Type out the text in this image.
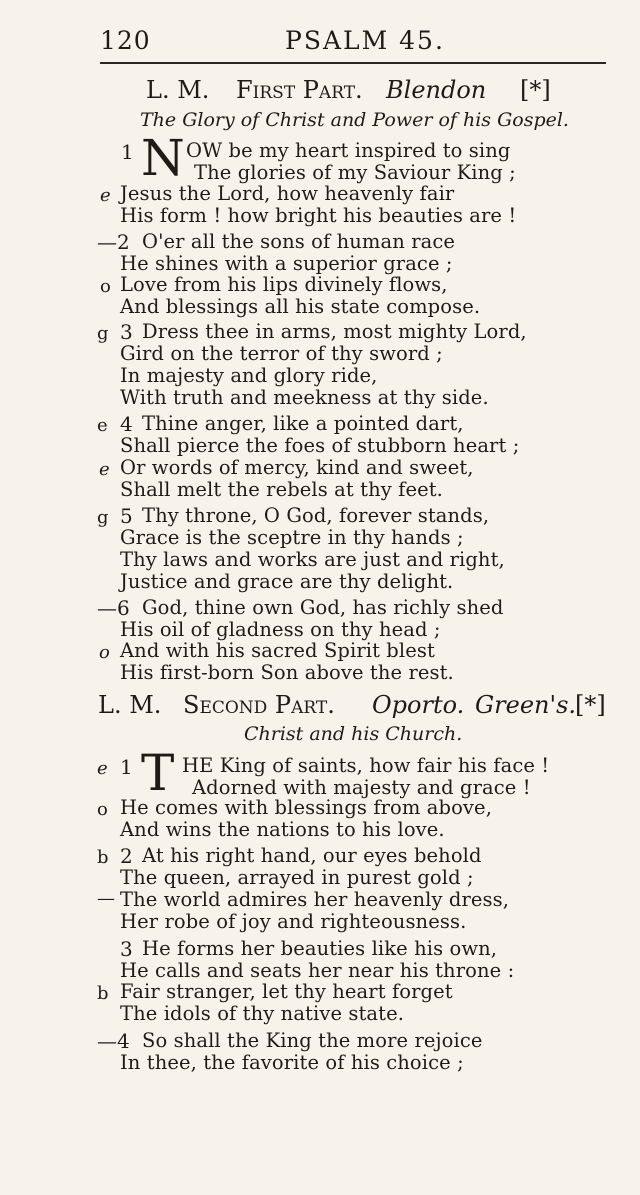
120	PSALM 45.
L. M. First Part. Blendon [*]
The Glory of Christ and Power of his Gospel.
1 N OW be my heart inspired to sing
The glories of my Saviour King ;
e Jesus the Lord, how heavenly fair
His form ! how bright his beauties are !
—2 O'er all the sons of human race
He shines with a superior grace ;
o Love from his lips divinely flows,
And blessings all his state compose.
g 3 Dress thee in arms, most mighty Lord,
Gird on the terror of thy sword ;
In majesty and glory ride,
With truth and meekness at thy side.
e 4 Thine anger, like a pointed dart,
Shall pierce the foes of stubborn heart ;
e Or words of mercy, kind and sweet,
Shall melt the rebels at thy feet.
g 5 Thy throne, O God, forever stands,
Grace is the sceptre in thy hands ;
Thy laws and works are just and right,
Justice and grace are thy delight.
—6 God, thine own God, has richly shed
His oil of gladness on thy head ;
o And with his sacred Spirit blest
His first-born Son above the rest.
L. M. Second Part. Oporto. Green's.
[*]
Christ and his Church.
e 1 T HE King of saints, how fair his face !
Adorned with majesty and grace !
o He comes with blessings from above,
And wins the nations to his love.
b 2 At his right hand, our eyes behold
The queen, arrayed in purest gold ;
— The world admires her heavenly dress,
Her robe of joy and righteousness.
3 He forms her beauties like his own,
He calls and seats her near his throne :
b Fair stranger, let thy heart forget
The idols of thy native state.
—4 So shall the King the more rejoice
In thee, the favorite of his choice ;
